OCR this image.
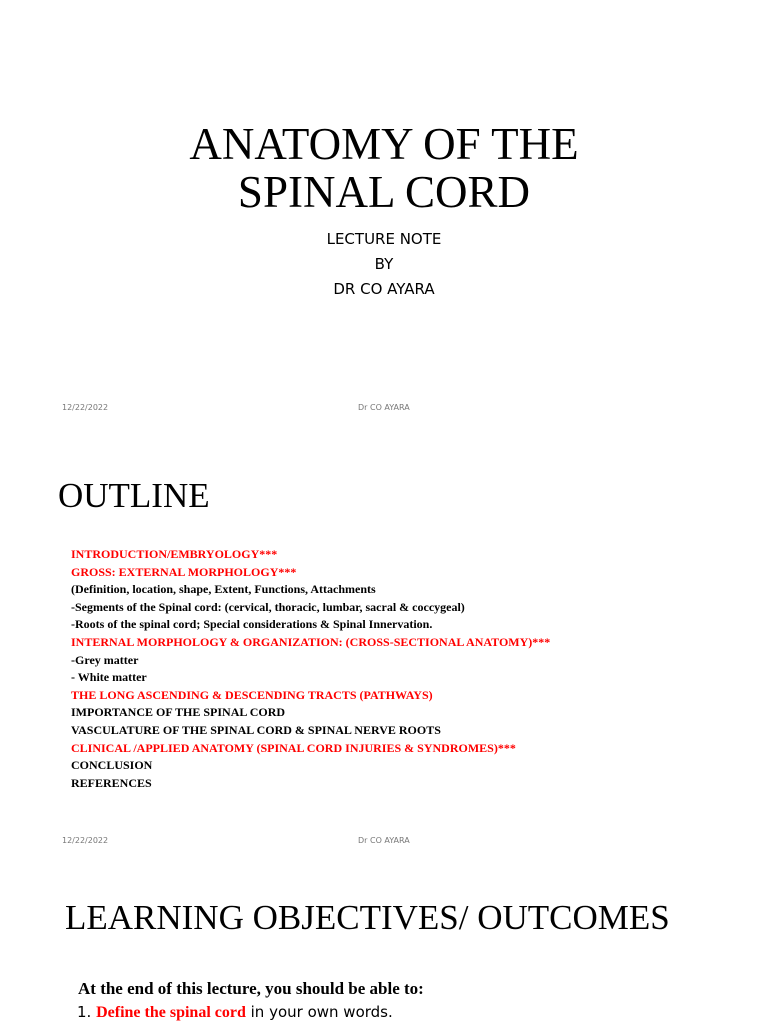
ANATOMY OF THE
SPINAL CORD
LECTURE NOTE
BY
DR CO AYARA
12/22/2022	Dr CO AYARA
OUTLINE
INTRODUCTION/EMBRYOLOGY***
GROSS: EXTERNAL MORPHOLOGY***
(Definition, location, shape, Extent, Functions, Attachments
-Segments of the Spinal cord: (cervical, thoracic, lumbar, sacral & coccygeal)
-Roots of the spinal cord; Special considerations & Spinal Innervation.
INTERNAL MORPHOLOGY & ORGANIZATION: (CROSS-SECTIONAL ANATOMY)***
-Grey matter
- White matter
THE LONG ASCENDING & DESCENDING TRACTS (PATHWAYS)
IMPORTANCE OF THE SPINAL CORD
VASCULATURE OF THE SPINAL CORD & SPINAL NERVE ROOTS
CLINICAL /APPLIED ANATOMY (SPINAL CORD INJURIES & SYNDROMES)***
CONCLUSION
REFERENCES
12/22/2022	Dr CO AYARA
LEARNING OBJECTIVES/ OUTCOMES
At the end of this lecture, you should be able to:
1. Define the spinal cord in your own words.
